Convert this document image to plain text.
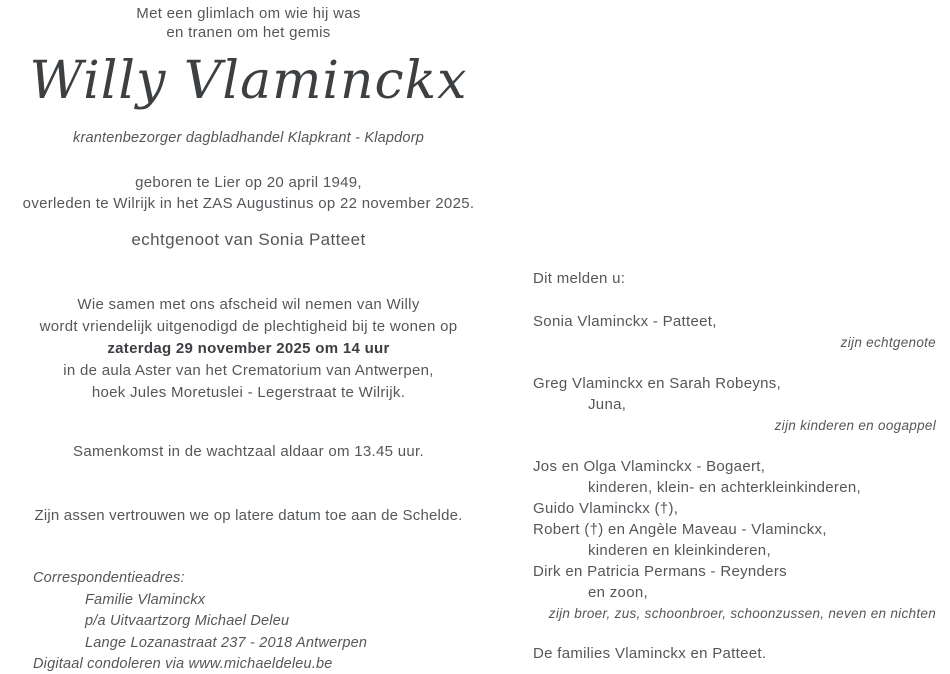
Met een glimlach om wie hij was
en tranen om het gemis
Willy Vlaminckx
krantenbezorger dagbladhandel Klapkrant - Klapdorp
geboren te Lier op 20 april 1949,
overleden te Wilrijk in het ZAS Augustinus op 22 november 2025.
echtgenoot van Sonia Patteet
Wie samen met ons afscheid wil nemen van Willy
wordt vriendelijk uitgenodigd de plechtigheid bij te wonen op
zaterdag 29 november 2025 om 14 uur
in de aula Aster van het Crematorium van Antwerpen,
hoek Jules Moretuslei - Legerstraat te Wilrijk.
Samenkomst in de wachtzaal aldaar om 13.45 uur.
Zijn assen vertrouwen we op latere datum toe aan de Schelde.
Correspondentieadres:
Familie Vlaminckx
p/a Uitvaartzorg Michael Deleu
Lange Lozanastraat 237 - 2018 Antwerpen
Digitaal condoleren via www.michaeldeleu.be
Dit melden u:
Sonia Vlaminckx - Patteet,
zijn echtgenote
Greg Vlaminckx en Sarah Robeyns,
Juna,
zijn kinderen en oogappel
Jos en Olga Vlaminckx - Bogaert,
kinderen, klein- en achterkleinkinderen,
Guido Vlaminckx (†),
Robert (†) en Angèle Maveau - Vlaminckx,
kinderen en kleinkinderen,
Dirk en Patricia Permans - Reynders
en zoon,
zijn broer, zus, schoonbroer, schoonzussen, neven en nichten
De families Vlaminckx en Patteet.
